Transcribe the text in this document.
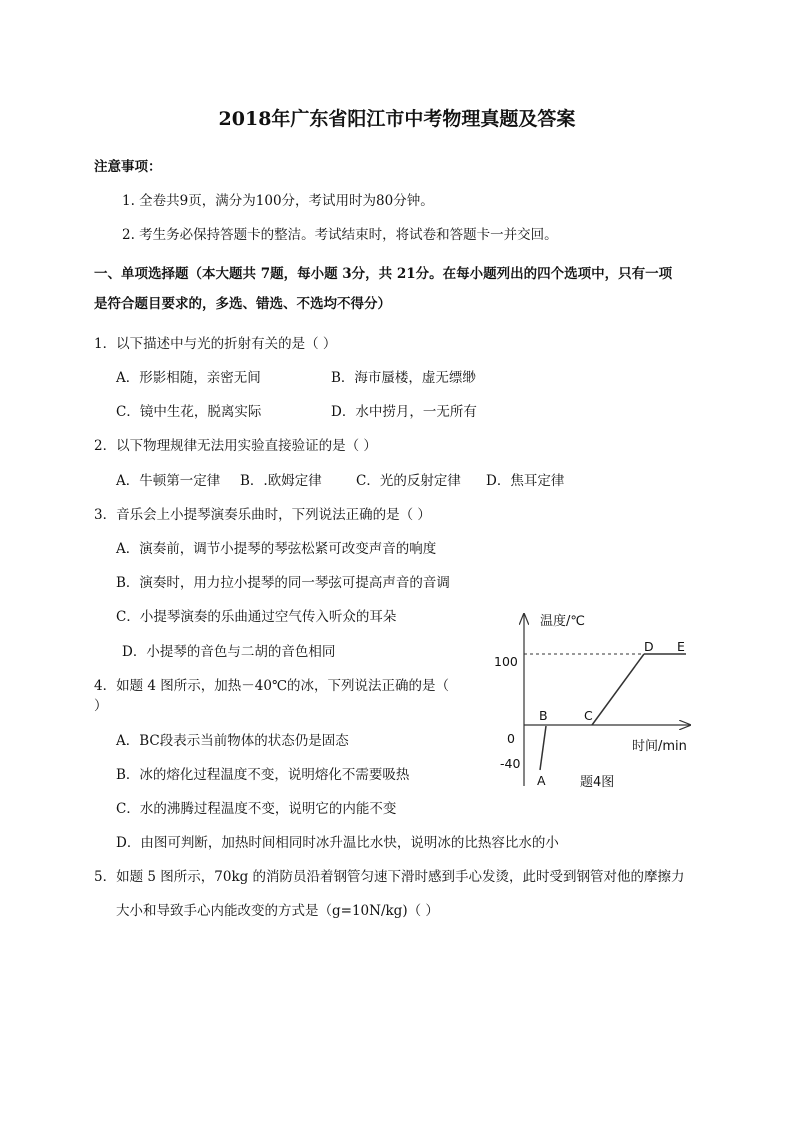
2018年广东省阳江市中考物理真题及答案
注意事项：
1. 全卷共9页，满分为100分，考试用时为80分钟。
2. 考生务必保持答题卡的整洁。考试结束时，将试卷和答题卡一并交回。
一、单项选择题（本大题共 7题，每小题 3分，共 21分。在每小题列出的四个选项中，只有一项
是符合题目要求的，多选、错选、不选均不得分）
1．以下描述中与光的折射有关的是（ ）
A．形影相随，亲密无间	B．海市蜃楼，虚无缥缈
C．镜中生花，脱离实际	D．水中捞月，一无所有
2．以下物理规律无法用实验直接验证的是（ ）
A．牛顿第一定律 B．.欧姆定律	C．光的反射定律 D．焦耳定律
3．音乐会上小提琴演奏乐曲时，下列说法正确的是（ ）
A．演奏前，调节小提琴的琴弦松紧可改变声音的响度
B．演奏时，用力拉小提琴的同一琴弦可提高声音的音调
C．小提琴演奏的乐曲通过空气传入听众的耳朵
D．小提琴的音色与二胡的音色相同
4．如题 4 图所示，加热－40℃的冰，下列说法正确的是（
）
A．BC段表示当前物体的状态仍是固态
B．冰的熔化过程温度不变，说明熔化不需要吸热
C．水的沸腾过程温度不变，说明它的内能不变
D．由图可判断，加热时间相同时冰升温比水快，说明冰的比热容比水的小
5．如题 5 图所示，70kg 的消防员沿着钢管匀速下滑时感到手心发烫，此时受到钢管对他的摩擦力
大小和导致手心内能改变的方式是（g=10N/kg)（ ）
温度/℃
100
0
-40
A
B	C
D E
时间/min
题4图
